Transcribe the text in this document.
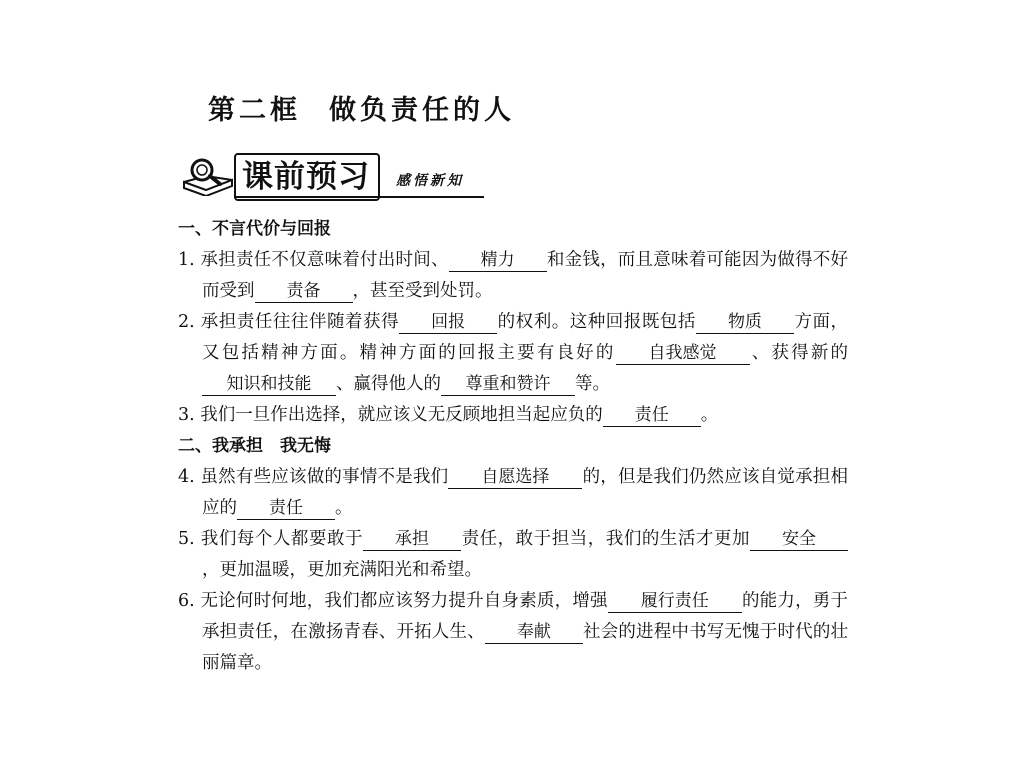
第二框 做负责任的人
课前预习	感悟新知
一、不言代价与回报
1. 承担责任不仅意味着付出时间、 精力 和金钱，而且意味着可能因为做得不好而受到 责备 ，甚至受到处罚。
2. 承担责任往往伴随着获得 回报 的权利。这种回报既包括 物质 方面，又包括精神方面。精神方面的回报主要有良好的 自我感觉 、获得新的知识和技能 、赢得他人的 尊重和赞许 等。
3. 我们一旦作出选择，就应该义无反顾地担当起应负的 责任 。
二、我承担　我无悔
4. 虽然有些应该做的事情不是我们 自愿选择 的，但是我们仍然应该自觉承担相应的 责任 。
5. 我们每个人都要敢于 承担 责任，敢于担当，我们的生活才更加 安全，更加温暖，更加充满阳光和希望。
6. 无论何时何地，我们都应该努力提升自身素质，增强 履行责任 的能力，勇于承担责任，在激扬青春、开拓人生、 奉献 社会的进程中书写无愧于时代的壮丽篇章。
